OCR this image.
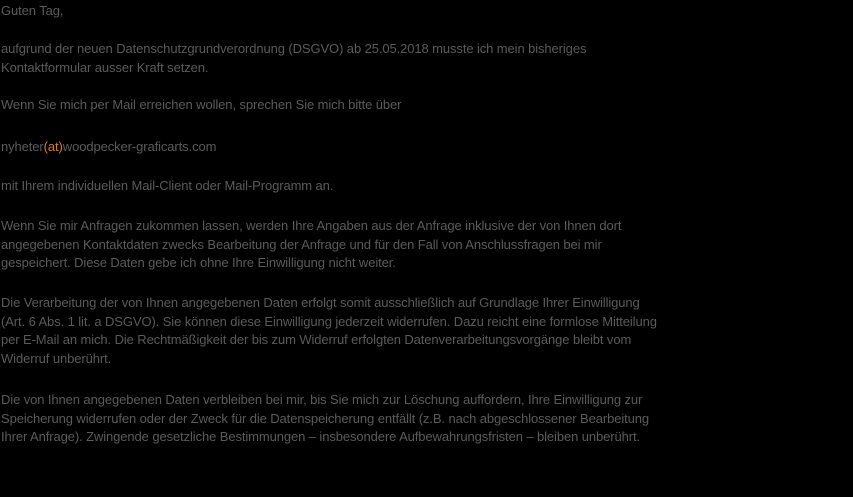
Guten Tag,

aufgrund der neuen Datenschutzgrundverordnung (DSGVO) ab 25.05.2018 musste ich mein bisheriges
Kontaktformular ausser Kraft setzen.

Wenn Sie mich per Mail erreichen wollen, sprechen Sie mich bitte über

nyheter(at)woodpecker-graficarts.com

mit Ihrem individuellen Mail-Client oder Mail-Programm an.

Wenn Sie mir Anfragen zukommen lassen, werden Ihre Angaben aus der Anfrage inklusive der von Ihnen dort
angegebenen Kontaktdaten zwecks Bearbeitung der Anfrage und für den Fall von Anschlussfragen bei mir
gespeichert. Diese Daten gebe ich ohne Ihre Einwilligung nicht weiter.
Die Verarbeitung der von Ihnen angegebenen Daten erfolgt somit ausschließlich auf Grundlage Ihrer Einwilligung
(Art. 6 Abs. 1 lit. a DSGVO). Sie können diese Einwilligung jederzeit widerrufen. Dazu reicht eine formlose Mitteilung
per E-Mail an mich. Die Rechtmäßigkeit der bis zum Widerruf erfolgten Datenverarbeitungsvorgänge bleibt vom
Widerruf unberührt.
Die von Ihnen angegebenen Daten verbleiben bei mir, bis Sie mich zur Löschung auffordern, Ihre Einwilligung zur
Speicherung widerrufen oder der Zweck für die Datenspeicherung entfällt (z.B. nach abgeschlossener Bearbeitung
Ihrer Anfrage). Zwingende gesetzliche Bestimmungen – insbesondere Aufbewahrungsfristen – bleiben unberührt.
